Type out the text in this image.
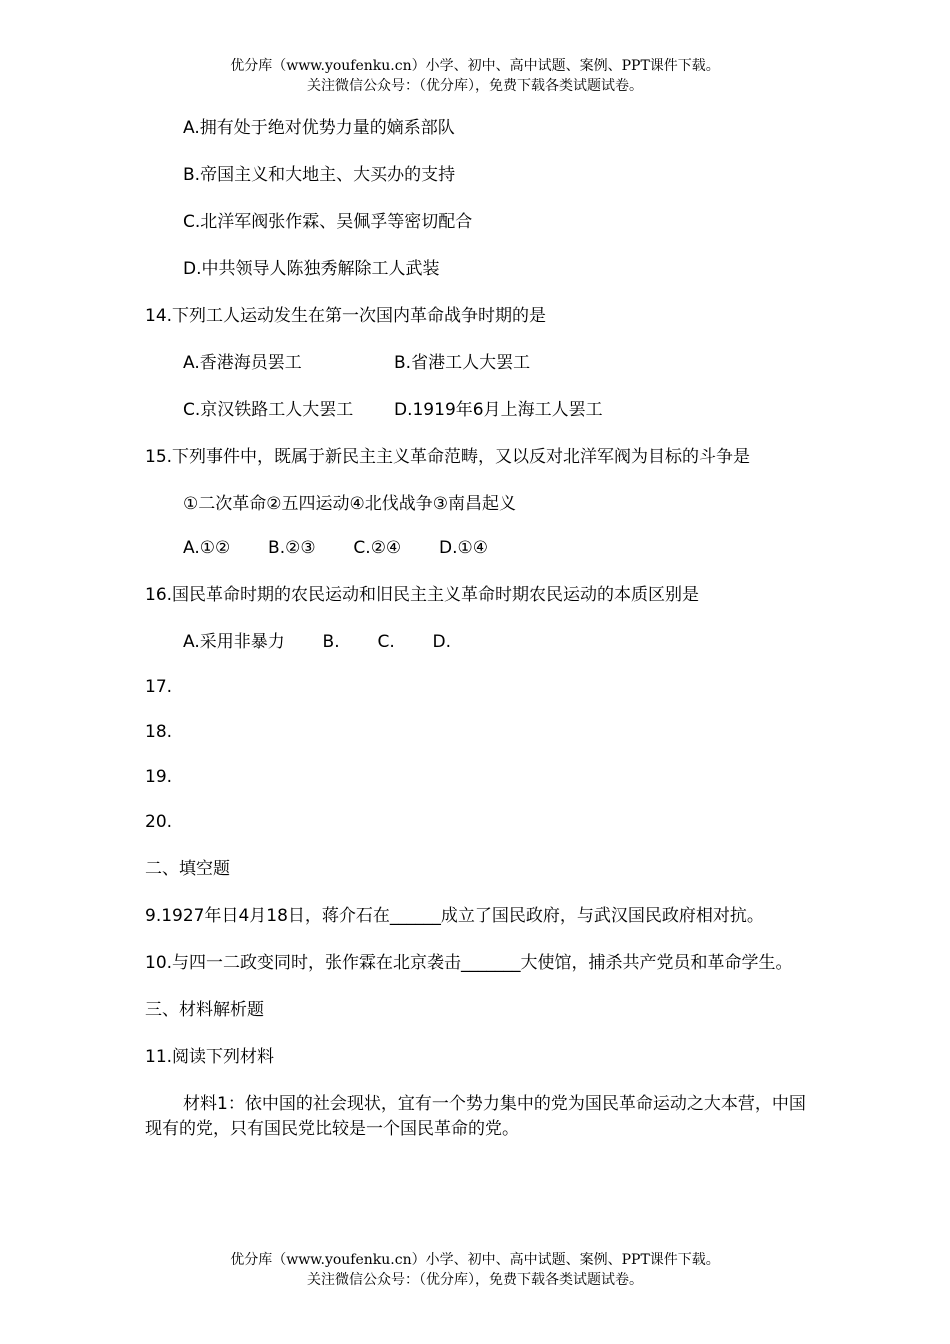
优分库（www.youfenku.cn）小学、初中、高中试题、案例、PPT课件下载。
关注微信公众号：（优分库），免费下载各类试题试卷。

A.拥有处于绝对优势力量的嫡系部队

B.帝国主义和大地主、大买办的支持

C.北洋军阀张作霖、吴佩孚等密切配合

D.中共领导人陈独秀解除工人武装

14.下列工人运动发生在第一次国内革命战争时期的是

A.香港海员罢工	B.省港工人大罢工
C.京汉铁路工人大罢工	D.1919年6月上海工人罢工

15.下列事件中，既属于新民主主义革命范畴，又以反对北洋军阀为目标的斗争是

①二次革命②五四运动④北伐战争③南昌起义

A.①②       B.②③       C.②④       D.①④

16.国民革命时期的农民运动和旧民主主义革命时期农民运动的本质区别是

A.采用非暴力       B.       C.       D.

17.

18.

19.

20.

二、填空题

9.1927年日4月18日，蒋介石在______成立了国民政府，与武汉国民政府相对抗。

10.与四一二政变同时，张作霖在北京袭击_______大使馆，捕杀共产党员和革命学生。

三、材料解析题

11.阅读下列材料

材料1：依中国的社会现状，宜有一个势力集中的党为国民革命运动之大本营，中国现有的党，只有国民党比较是一个国民革命的党。

优分库（www.youfenku.cn）小学、初中、高中试题、案例、PPT课件下载。
关注微信公众号：（优分库），免费下载各类试题试卷。
